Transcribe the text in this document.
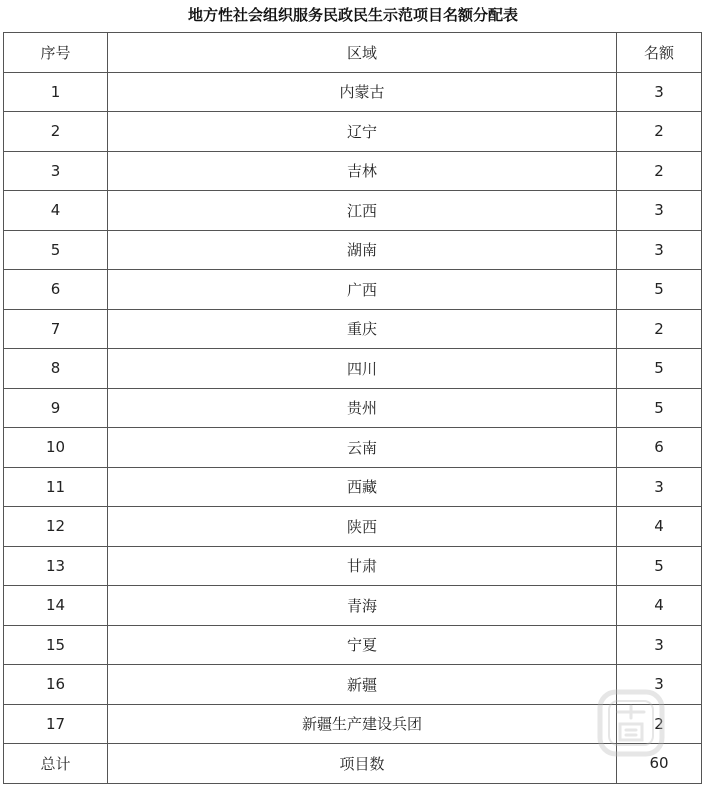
地方性社会组织服务民政民生示范项目名额分配表
序号	区域	名额
1	内蒙古	3
2	辽宁	2
3	吉林	2
4	江西	3
5	湖南	3
6	广西	5
7	重庆	2
8	四川	5
9	贵州	5
10	云南	6
11	西藏	3
12	陕西	4
13	甘肃	5
14	青海	4
15	宁夏	3
16	新疆	3
17	新疆生产建设兵团	2
总计	项目数	60
